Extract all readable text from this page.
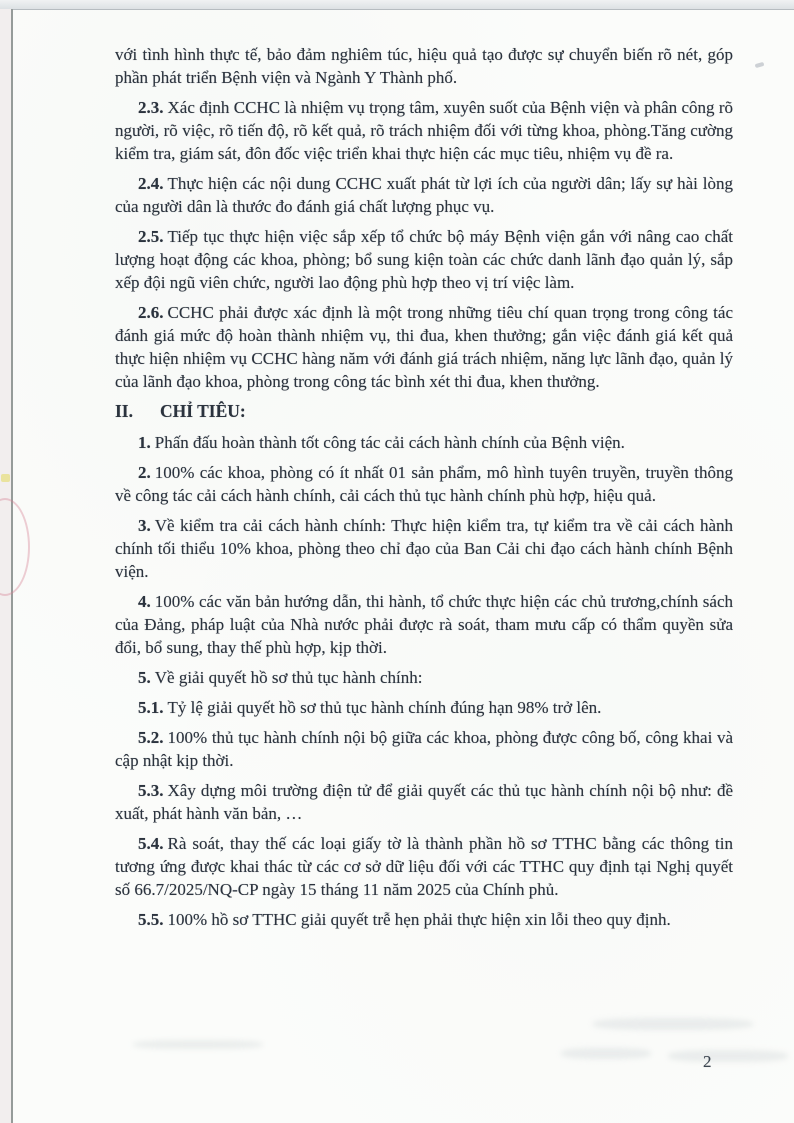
với tình hình thực tế, bảo đảm nghiêm túc, hiệu quả tạo được sự chuyển biến rõ nét, góp phần phát triển Bệnh viện và Ngành Y Thành phố.

2.3. Xác định CCHC là nhiệm vụ trọng tâm, xuyên suốt của Bệnh viện và phân công rõ người, rõ việc, rõ tiến độ, rõ kết quả, rõ trách nhiệm đối với từng khoa, phòng.Tăng cường kiểm tra, giám sát, đôn đốc việc triển khai thực hiện các mục tiêu, nhiệm vụ đề ra.

2.4. Thực hiện các nội dung CCHC xuất phát từ lợi ích của người dân; lấy sự hài lòng của người dân là thước đo đánh giá chất lượng phục vụ.

2.5. Tiếp tục thực hiện việc sắp xếp tổ chức bộ máy Bệnh viện gắn với nâng cao chất lượng hoạt động các khoa, phòng; bổ sung kiện toàn các chức danh lãnh đạo quản lý, sắp xếp đội ngũ viên chức, người lao động phù hợp theo vị trí việc làm.

2.6. CCHC phải được xác định là một trong những tiêu chí quan trọng trong công tác đánh giá mức độ hoàn thành nhiệm vụ, thi đua, khen thưởng; gắn việc đánh giá kết quả thực hiện nhiệm vụ CCHC hàng năm với đánh giá trách nhiệm, năng lực lãnh đạo, quản lý của lãnh đạo khoa, phòng trong công tác bình xét thi đua, khen thưởng.

II. CHỈ TIÊU:

1. Phấn đấu hoàn thành tốt công tác cải cách hành chính của Bệnh viện.

2. 100% các khoa, phòng có ít nhất 01 sản phẩm, mô hình tuyên truyền, truyền thông về công tác cải cách hành chính, cải cách thủ tục hành chính phù hợp, hiệu quả.

3. Về kiểm tra cải cách hành chính: Thực hiện kiểm tra, tự kiểm tra về cải cách hành chính tối thiểu 10% khoa, phòng theo chỉ đạo của Ban Cải chi đạo cách hành chính Bệnh viện.

4. 100% các văn bản hướng dẫn, thi hành, tổ chức thực hiện các chủ trương,chính sách của Đảng, pháp luật của Nhà nước phải được rà soát, tham mưu cấp có thẩm quyền sửa đổi, bổ sung, thay thế phù hợp, kịp thời.

5. Về giải quyết hồ sơ thủ tục hành chính:

5.1. Tỷ lệ giải quyết hồ sơ thủ tục hành chính đúng hạn 98% trở lên.

5.2. 100% thủ tục hành chính nội bộ giữa các khoa, phòng được công bố, công khai và cập nhật kịp thời.

5.3. Xây dựng môi trường điện tử để giải quyết các thủ tục hành chính nội bộ như: đề xuất, phát hành văn bản, …

5.4. Rà soát, thay thế các loại giấy tờ là thành phần hồ sơ TTHC bằng các thông tin tương ứng được khai thác từ các cơ sở dữ liệu đối với các TTHC quy định tại Nghị quyết số 66.7/2025/NQ-CP ngày 15 tháng 11 năm 2025 của Chính phủ.

5.5. 100% hồ sơ TTHC giải quyết trễ hẹn phải thực hiện xin lỗi theo quy định.

2
